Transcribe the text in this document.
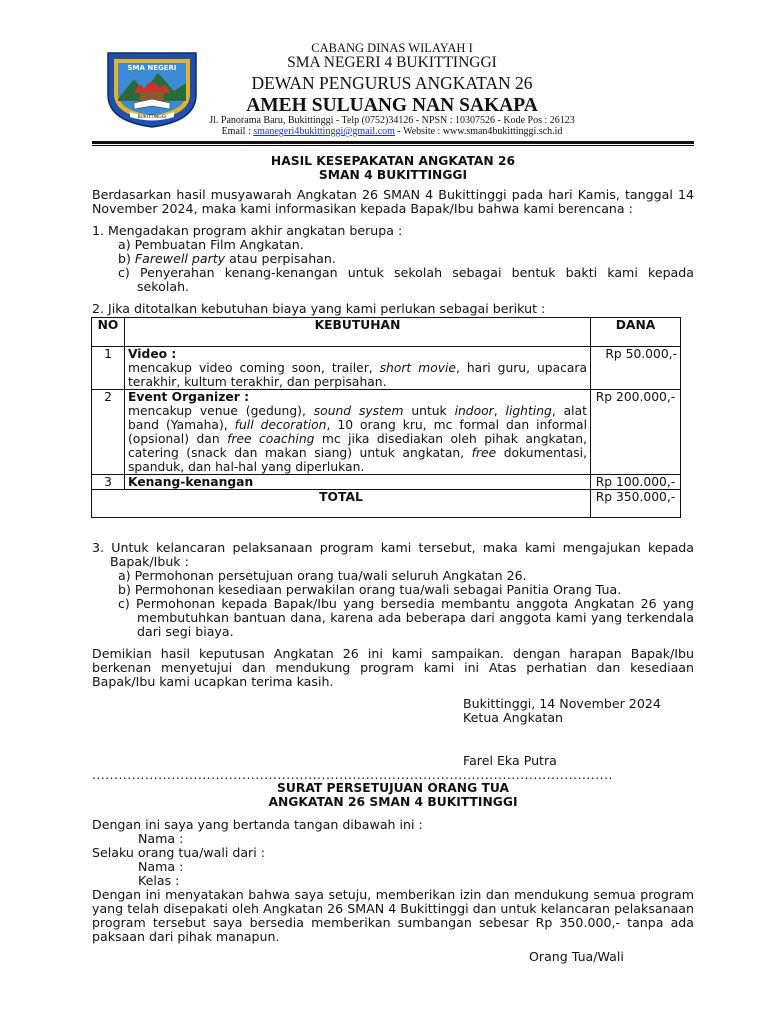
SMA NEGERI
BUKITTINGGI
CABANG DINAS WILAYAH I
SMA NEGERI 4 BUKITTINGGI
DEWAN PENGURUS ANGKATAN 26
AMEH SULUANG NAN SAKAPA
Jl. Panorama Baru, Bukittinggi - Telp (0752)34126 - NPSN : 10307526 - Kode Pos : 26123
Email : smanegeri4bukittinggi@gmail.com - Website : www.sman4bukittinggi.sch.id
HASIL KESEPAKATAN ANGKATAN 26
SMAN 4 BUKITTINGGI
Berdasarkan hasil musyawarah Angkatan 26 SMAN 4 Bukittinggi pada hari Kamis, tanggal 14 November 2024, maka kami informasikan kepada Bapak/Ibu bahwa kami berencana :
1. Mengadakan program akhir angkatan berupa :
a) Pembuatan Film Angkatan.
b) Farewell party atau perpisahan.
c) Penyerahan kenang-kenangan untuk sekolah sebagai bentuk bakti kami kepada sekolah.
2. Jika ditotalkan kebutuhan biaya yang kami perlukan sebagai berikut :
NO	KEBUTUHAN	DANA
1	Video :
mencakup video coming soon, trailer, short movie, hari guru, upacara terakhir, kultum terakhir, dan perpisahan.	Rp 50.000,-
2	Event Organizer :
mencakup venue (gedung), sound system untuk indoor, lighting, alat band (Yamaha), full decoration, 10 orang kru, mc formal dan informal (opsional) dan free coaching mc jika disediakan oleh pihak angkatan, catering (snack dan makan siang) untuk angkatan, free dokumentasi, spanduk, dan hal-hal yang diperlukan.	Rp 200.000,-
3	Kenang-kenangan	Rp 100.000,-
TOTAL		Rp 350.000,-
3. Untuk kelancaran pelaksanaan program kami tersebut, maka kami mengajukan kepada Bapak/Ibuk :
a) Permohonan persetujuan orang tua/wali seluruh Angkatan 26.
b) Permohonan kesediaan perwakilan orang tua/wali sebagai Panitia Orang Tua.
c) Permohonan kepada Bapak/Ibu yang bersedia membantu anggota Angkatan 26 yang membutuhkan bantuan dana, karena ada beberapa dari anggota kami yang terkendala dari segi biaya.
Demikian hasil keputusan Angkatan 26 ini kami sampaikan. dengan harapan Bapak/Ibu berkenan menyetujui dan mendukung program kami ini Atas perhatian dan kesediaan Bapak/Ibu kami ucapkan terima kasih.
Bukittinggi, 14 November 2024
Ketua Angkatan
Farel Eka Putra
......................................................................................................................
SURAT PERSETUJUAN ORANG TUA
ANGKATAN 26 SMAN 4 BUKITTINGGI
Dengan ini saya yang bertanda tangan dibawah ini :
Nama :
Selaku orang tua/wali dari :
Nama :
Kelas :
Dengan ini menyatakan bahwa saya setuju, memberikan izin dan mendukung semua program yang telah disepakati oleh Angkatan 26 SMAN 4 Bukittinggi dan untuk kelancaran pelaksanaan program tersebut saya bersedia memberikan sumbangan sebesar Rp 350.000,- tanpa ada paksaan dari pihak manapun.
Orang Tua/Wali
